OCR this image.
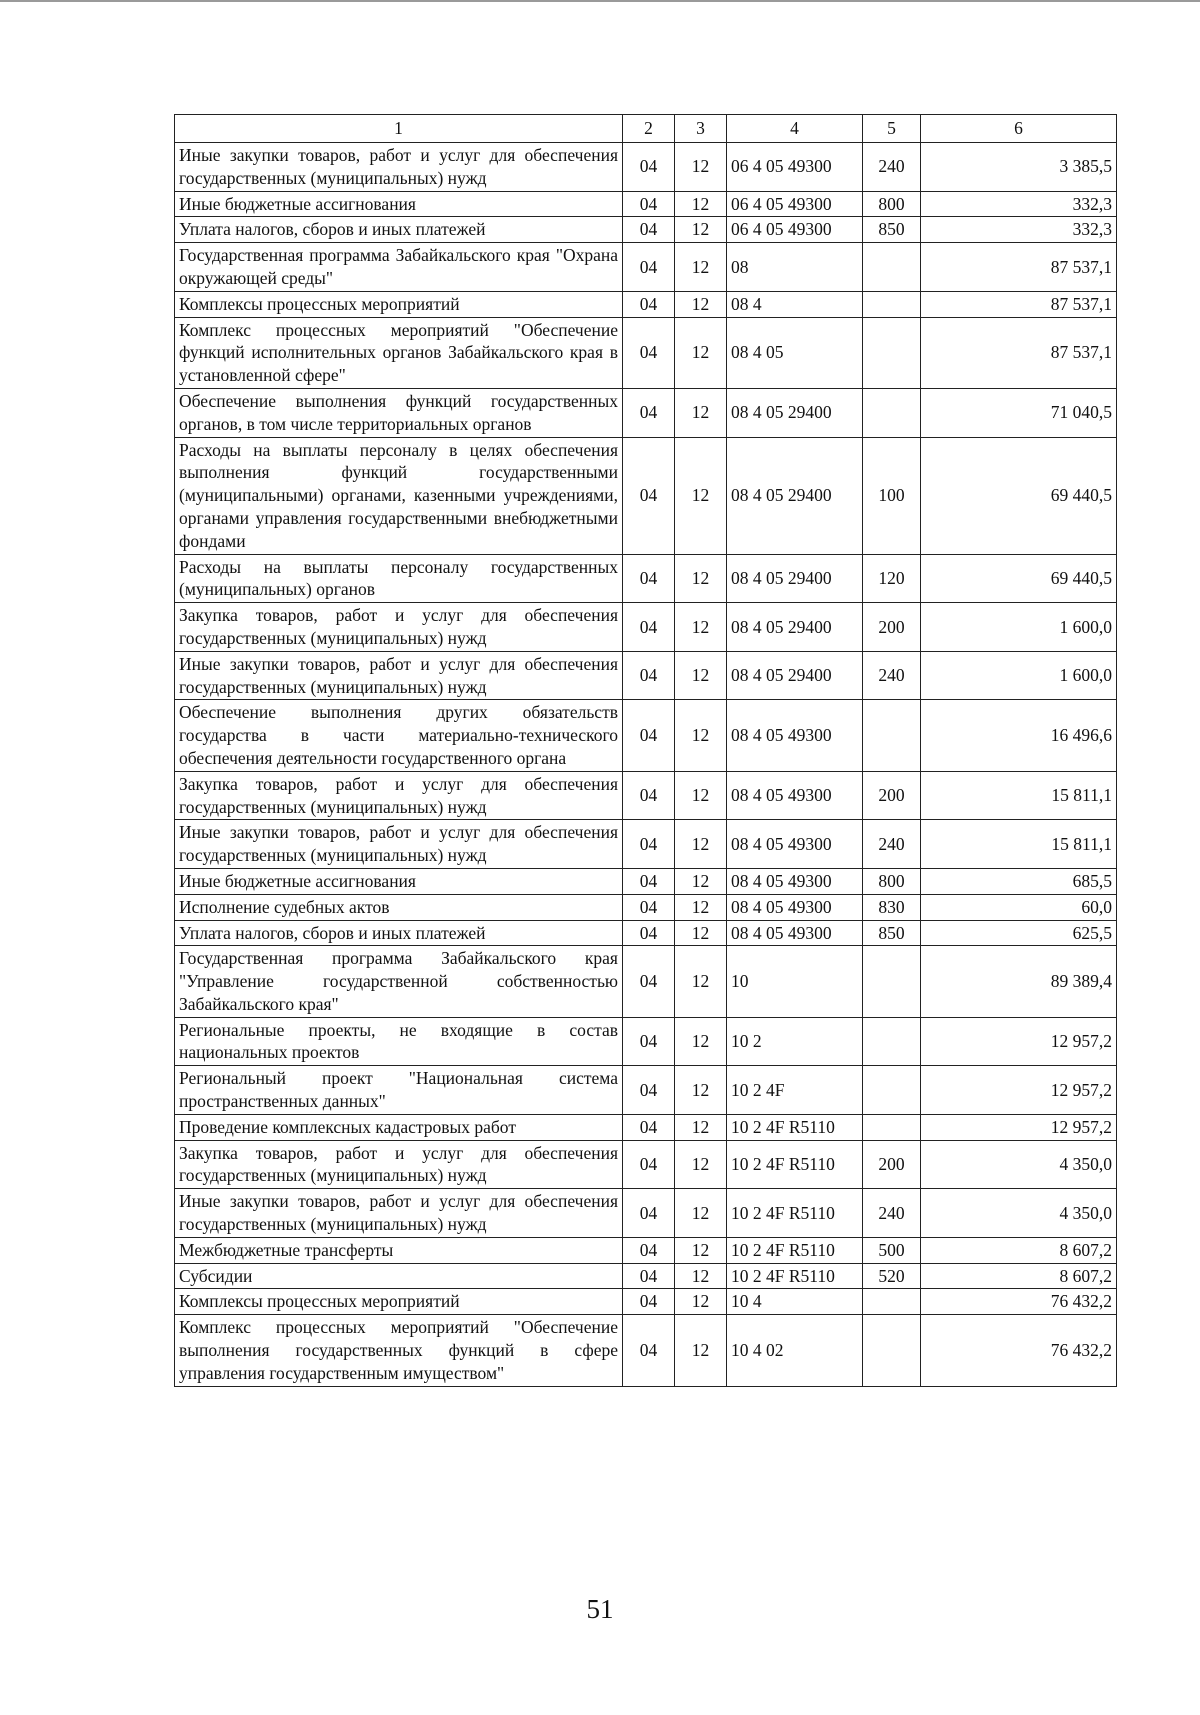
1	2	3	4	5	6
Иные закупки товаров, работ и услуг для обеспечения государственных (муниципальных) нужд	04	12	06 4 05 49300	240	3 385,5
Иные бюджетные ассигнования	04	12	06 4 05 49300	800	332,3
Уплата налогов, сборов и иных платежей	04	12	06 4 05 49300	850	332,3
Государственная программа Забайкальского края "Охрана окружающей среды"	04	12	08		87 537,1
Комплексы процессных мероприятий	04	12	08 4		87 537,1
Комплекс процессных мероприятий "Обеспечение функций исполнительных органов Забайкальского края в установленной сфере"	04	12	08 4 05		87 537,1
Обеспечение выполнения функций государственных органов, в том числе территориальных органов	04	12	08 4 05 29400		71 040,5
Расходы на выплаты персоналу в целях обеспечения выполнения функций государственными (муниципальными) органами, казенными учреждениями, органами управления государственными внебюджетными фондами	04	12	08 4 05 29400	100	69 440,5
Расходы на выплаты персоналу государственных (муниципальных) органов	04	12	08 4 05 29400	120	69 440,5
Закупка товаров, работ и услуг для обеспечения государственных (муниципальных) нужд	04	12	08 4 05 29400	200	1 600,0
Иные закупки товаров, работ и услуг для обеспечения государственных (муниципальных) нужд	04	12	08 4 05 29400	240	1 600,0
Обеспечение выполнения других обязательств государства в части материально-технического обеспечения деятельности государственного органа	04	12	08 4 05 49300		16 496,6
Закупка товаров, работ и услуг для обеспечения государственных (муниципальных) нужд	04	12	08 4 05 49300	200	15 811,1
Иные закупки товаров, работ и услуг для обеспечения государственных (муниципальных) нужд	04	12	08 4 05 49300	240	15 811,1
Иные бюджетные ассигнования	04	12	08 4 05 49300	800	685,5
Исполнение судебных актов	04	12	08 4 05 49300	830	60,0
Уплата налогов, сборов и иных платежей	04	12	08 4 05 49300	850	625,5
Государственная программа Забайкальского края "Управление государственной собственностью Забайкальского края"	04	12	10		89 389,4
Региональные проекты, не входящие в состав национальных проектов	04	12	10 2		12 957,2
Региональный проект "Национальная система пространственных данных"	04	12	10 2 4F		12 957,2
Проведение комплексных кадастровых работ	04	12	10 2 4F R5110		12 957,2
Закупка товаров, работ и услуг для обеспечения государственных (муниципальных) нужд	04	12	10 2 4F R5110	200	4 350,0
Иные закупки товаров, работ и услуг для обеспечения государственных (муниципальных) нужд	04	12	10 2 4F R5110	240	4 350,0
Межбюджетные трансферты	04	12	10 2 4F R5110	500	8 607,2
Субсидии	04	12	10 2 4F R5110	520	8 607,2
Комплексы процессных мероприятий	04	12	10 4		76 432,2
Комплекс процессных мероприятий "Обеспечение выполнения государственных функций в сфере управления государственным имуществом"	04	12	10 4 02		76 432,2
51
